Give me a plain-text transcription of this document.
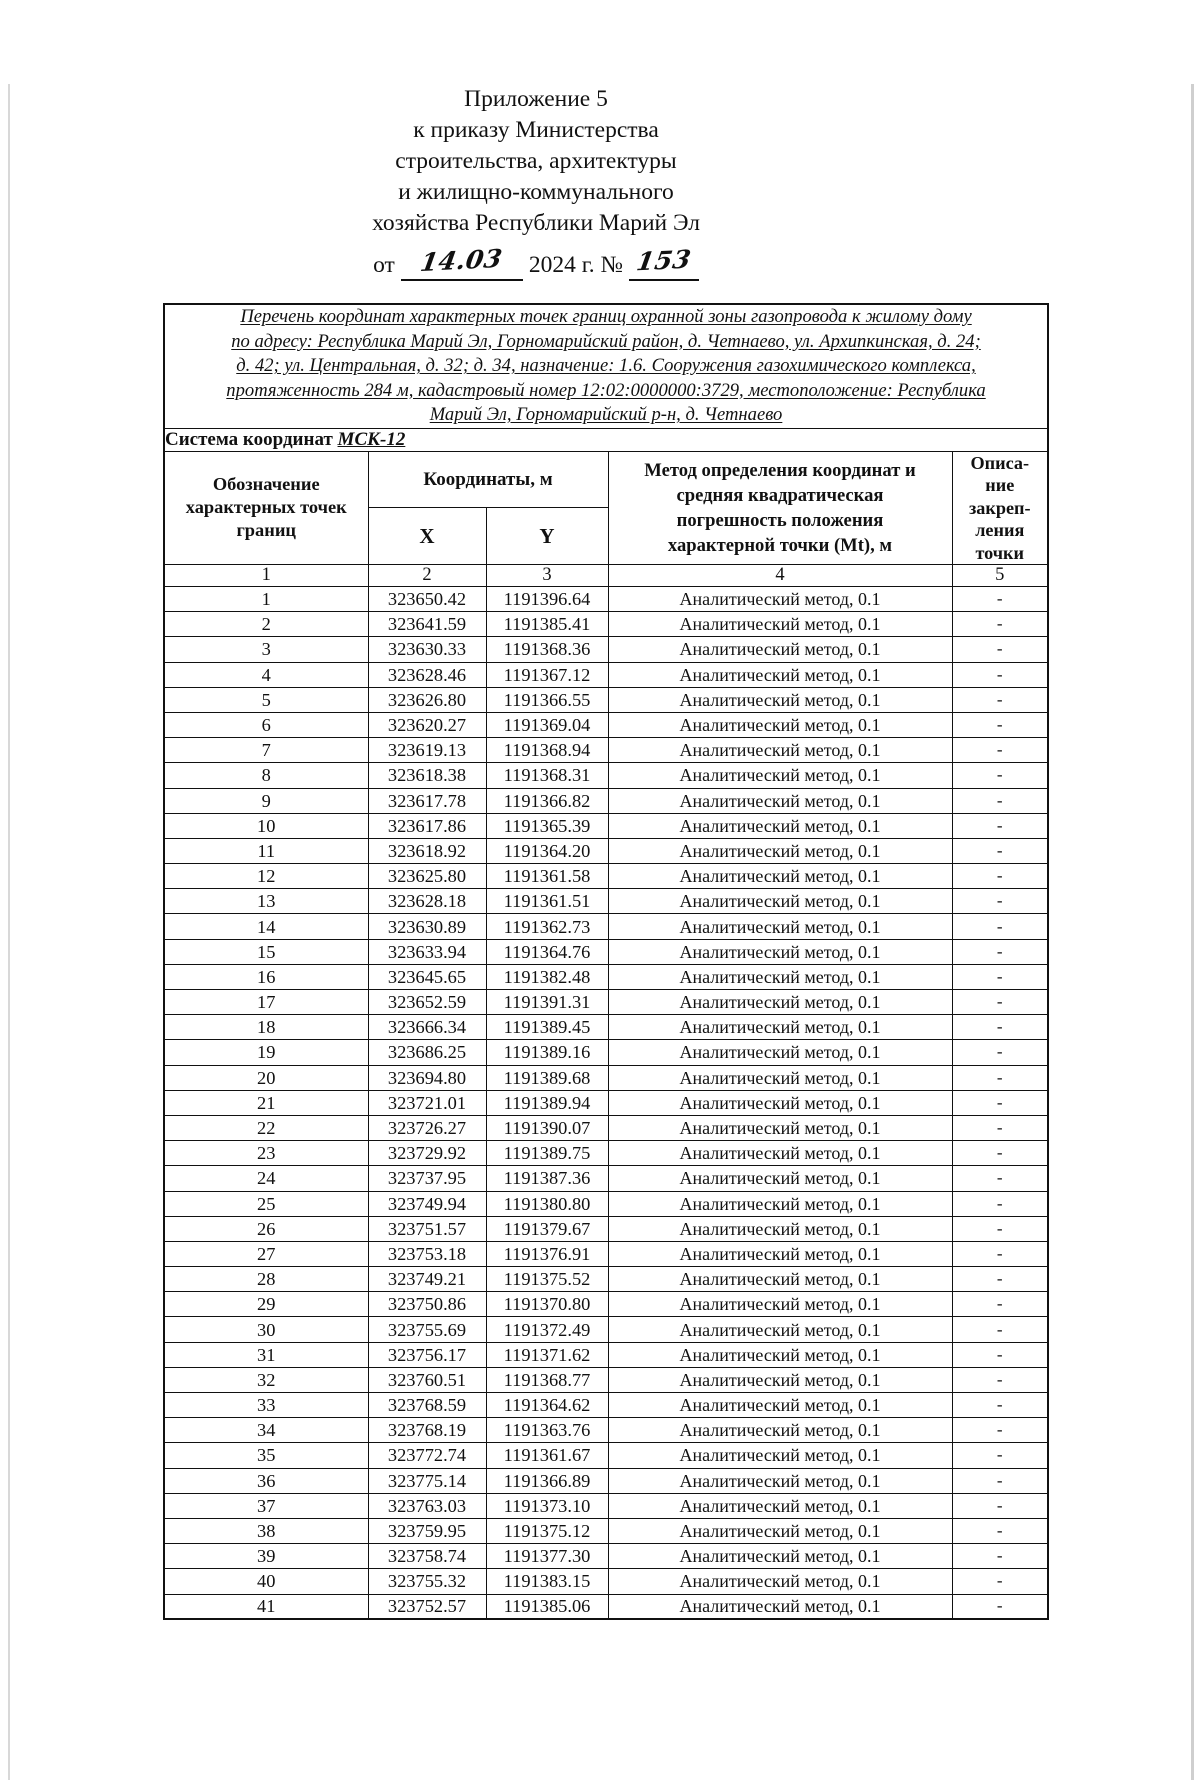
Приложение 5
к приказу Министерства
строительства, архитектуры
и жилищно-коммунального
хозяйства Республики Марий Эл
от 14.03	2024 г. № 153
Перечень координат характерных точек границ охранной зоны газопровода к жилому дому
по адресу: Республика Марий Эл, Горномарийский район, д. Четнаево, ул. Архипкинская, д. 24;
д. 42; ул. Центральная, д. 32; д. 34, назначение: 1.6. Сооружения газохимического комплекса,
протяженность 284 м, кадастровый номер 12:02:0000000:3729, местоположение: Республика
Марий Эл, Горномарийский р-н, д. Четнаево				

Система координат МСК-12				
Обозначение характерных точек границ	Координаты, м		Метод определения координат и
средняя квадратическая
погрешность положения
характерной точки (Mt), м	Описа-
ние
закреп-
ления
точки

	X	Y		
1	2	3	4	5
1	323650.42	1191396.64	Аналитический метод, 0.1	-
2	323641.59	1191385.41	Аналитический метод, 0.1	-
3	323630.33	1191368.36	Аналитический метод, 0.1	-
4	323628.46	1191367.12	Аналитический метод, 0.1	-
5	323626.80	1191366.55	Аналитический метод, 0.1	-
6	323620.27	1191369.04	Аналитический метод, 0.1	-
7	323619.13	1191368.94	Аналитический метод, 0.1	-
8	323618.38	1191368.31	Аналитический метод, 0.1	-
9	323617.78	1191366.82	Аналитический метод, 0.1	-
10	323617.86	1191365.39	Аналитический метод, 0.1	-
11	323618.92	1191364.20	Аналитический метод, 0.1	-
12	323625.80	1191361.58	Аналитический метод, 0.1	-
13	323628.18	1191361.51	Аналитический метод, 0.1	-
14	323630.89	1191362.73	Аналитический метод, 0.1	-
15	323633.94	1191364.76	Аналитический метод, 0.1	-
16	323645.65	1191382.48	Аналитический метод, 0.1	-
17	323652.59	1191391.31	Аналитический метод, 0.1	-
18	323666.34	1191389.45	Аналитический метод, 0.1	-
19	323686.25	1191389.16	Аналитический метод, 0.1	-
20	323694.80	1191389.68	Аналитический метод, 0.1	-
21	323721.01	1191389.94	Аналитический метод, 0.1	-
22	323726.27	1191390.07	Аналитический метод, 0.1	-
23	323729.92	1191389.75	Аналитический метод, 0.1	-
24	323737.95	1191387.36	Аналитический метод, 0.1	-
25	323749.94	1191380.80	Аналитический метод, 0.1	-
26	323751.57	1191379.67	Аналитический метод, 0.1	-
27	323753.18	1191376.91	Аналитический метод, 0.1	-
28	323749.21	1191375.52	Аналитический метод, 0.1	-
29	323750.86	1191370.80	Аналитический метод, 0.1	-
30	323755.69	1191372.49	Аналитический метод, 0.1	-
31	323756.17	1191371.62	Аналитический метод, 0.1	-
32	323760.51	1191368.77	Аналитический метод, 0.1	-
33	323768.59	1191364.62	Аналитический метод, 0.1	-
34	323768.19	1191363.76	Аналитический метод, 0.1	-
35	323772.74	1191361.67	Аналитический метод, 0.1	-
36	323775.14	1191366.89	Аналитический метод, 0.1	-
37	323763.03	1191373.10	Аналитический метод, 0.1	-
38	323759.95	1191375.12	Аналитический метод, 0.1	-
39	323758.74	1191377.30	Аналитический метод, 0.1	-
40	323755.32	1191383.15	Аналитический метод, 0.1	-
41	323752.57	1191385.06	Аналитический метод, 0.1	-
